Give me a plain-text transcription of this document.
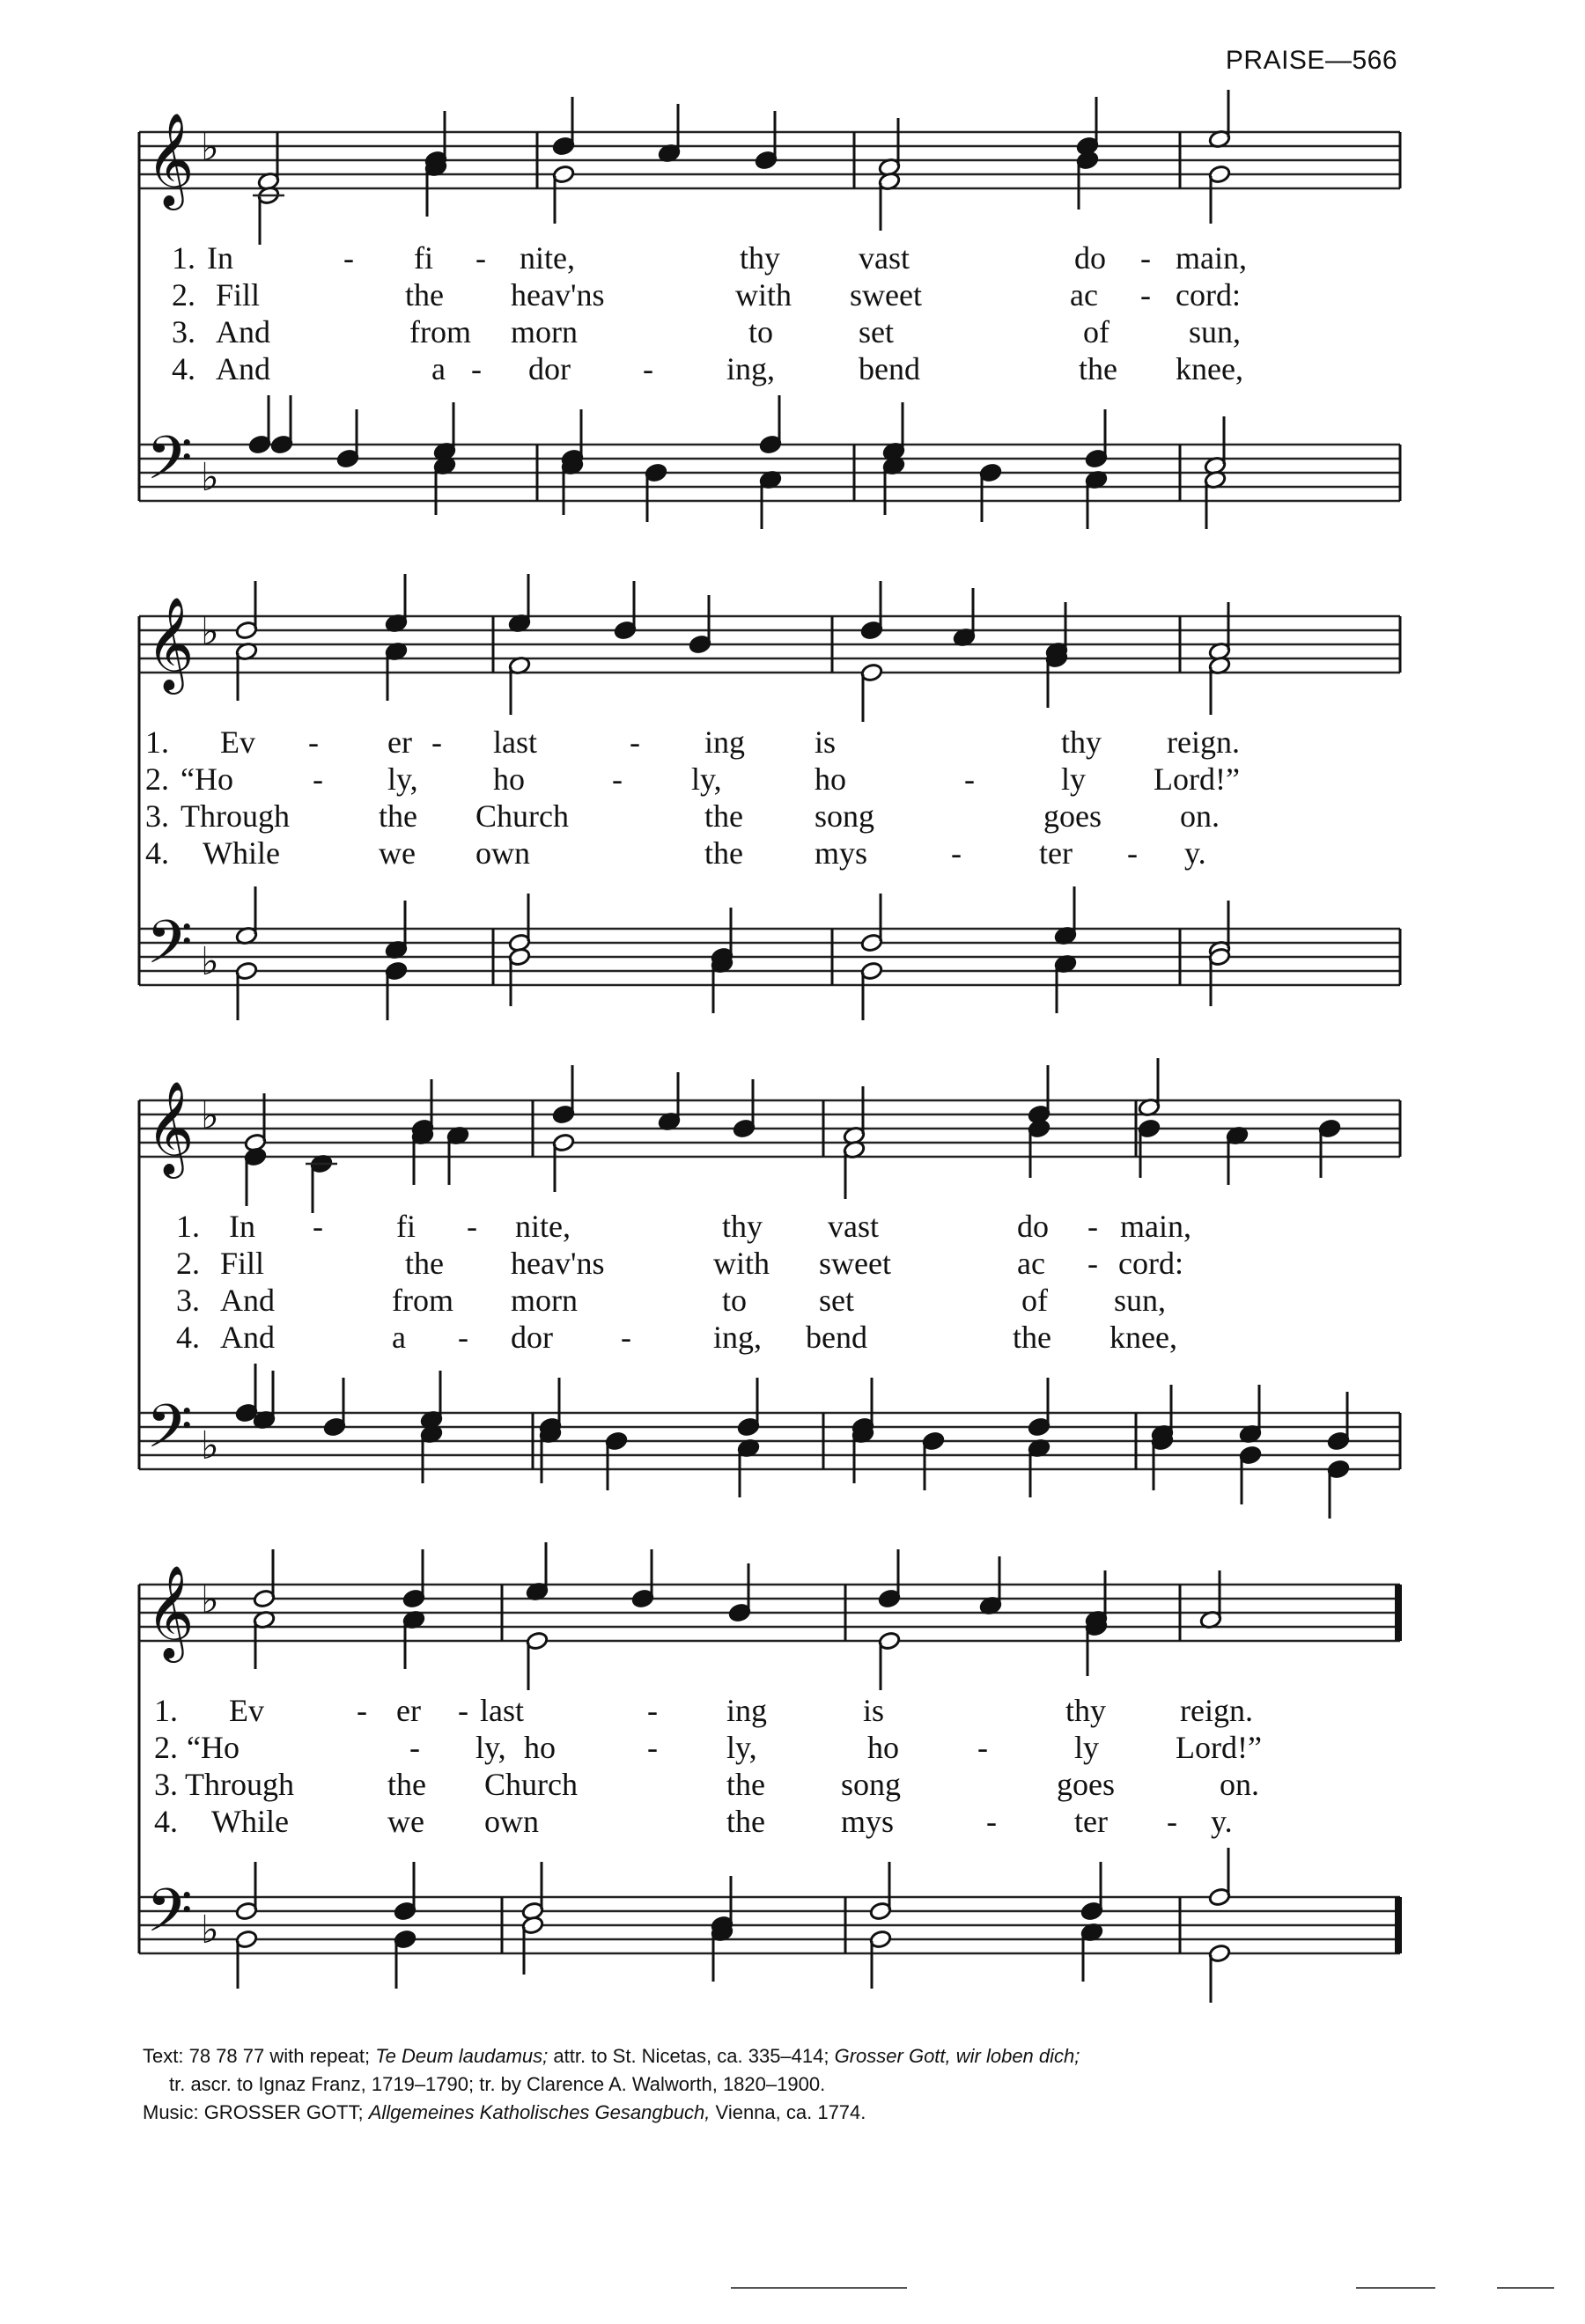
PRAISE—566
𝄞 ♭
1. In	- fi - nite,	thy vast	do - main,
2. Fill	the heav'ns	with sweet	ac - cord:
3. And	from morn	to	set	of	sun,
4. And	a - dor - ing,	bend	the knee,
𝄢 ♭
𝄞 ♭
1. Ev - er - last	- ing is	thy reign.
2. “Ho	- ly, ho	- ly,	ho	-	ly Lord!”
3. Through	the Church	the song	goes on.
4. While	we own	the mys	- ter - y.
𝄢 ♭
𝄞 ♭
1. In - fi - nite,	thy vast	do - main,
2. Fill	the heav'ns	with sweet	ac - cord:
3. And	from morn	to set	of sun,
4. And	a - dor -	ing, bend	the knee,
𝄢 ♭
𝄞 ♭
1. Ev	- er - last	- ing	is	thy reign.
2. “Ho	- ly, ho	- ly,	ho -	ly Lord!”
3. Through	the Church	the song	goes	on.
4. While	we own	the mys	- ter - y.
𝄢 ♭
Text: 78 78 77 with repeat; Te Deum laudamus; attr. to St. Nicetas, ca. 335–414; Grosser Gott, wir loben dich;
tr. ascr. to Ignaz Franz, 1719–1790; tr. by Clarence A. Walworth, 1820–1900.
Music: GROSSER GOTT; Allgemeines Katholisches Gesangbuch, Vienna, ca. 1774.
